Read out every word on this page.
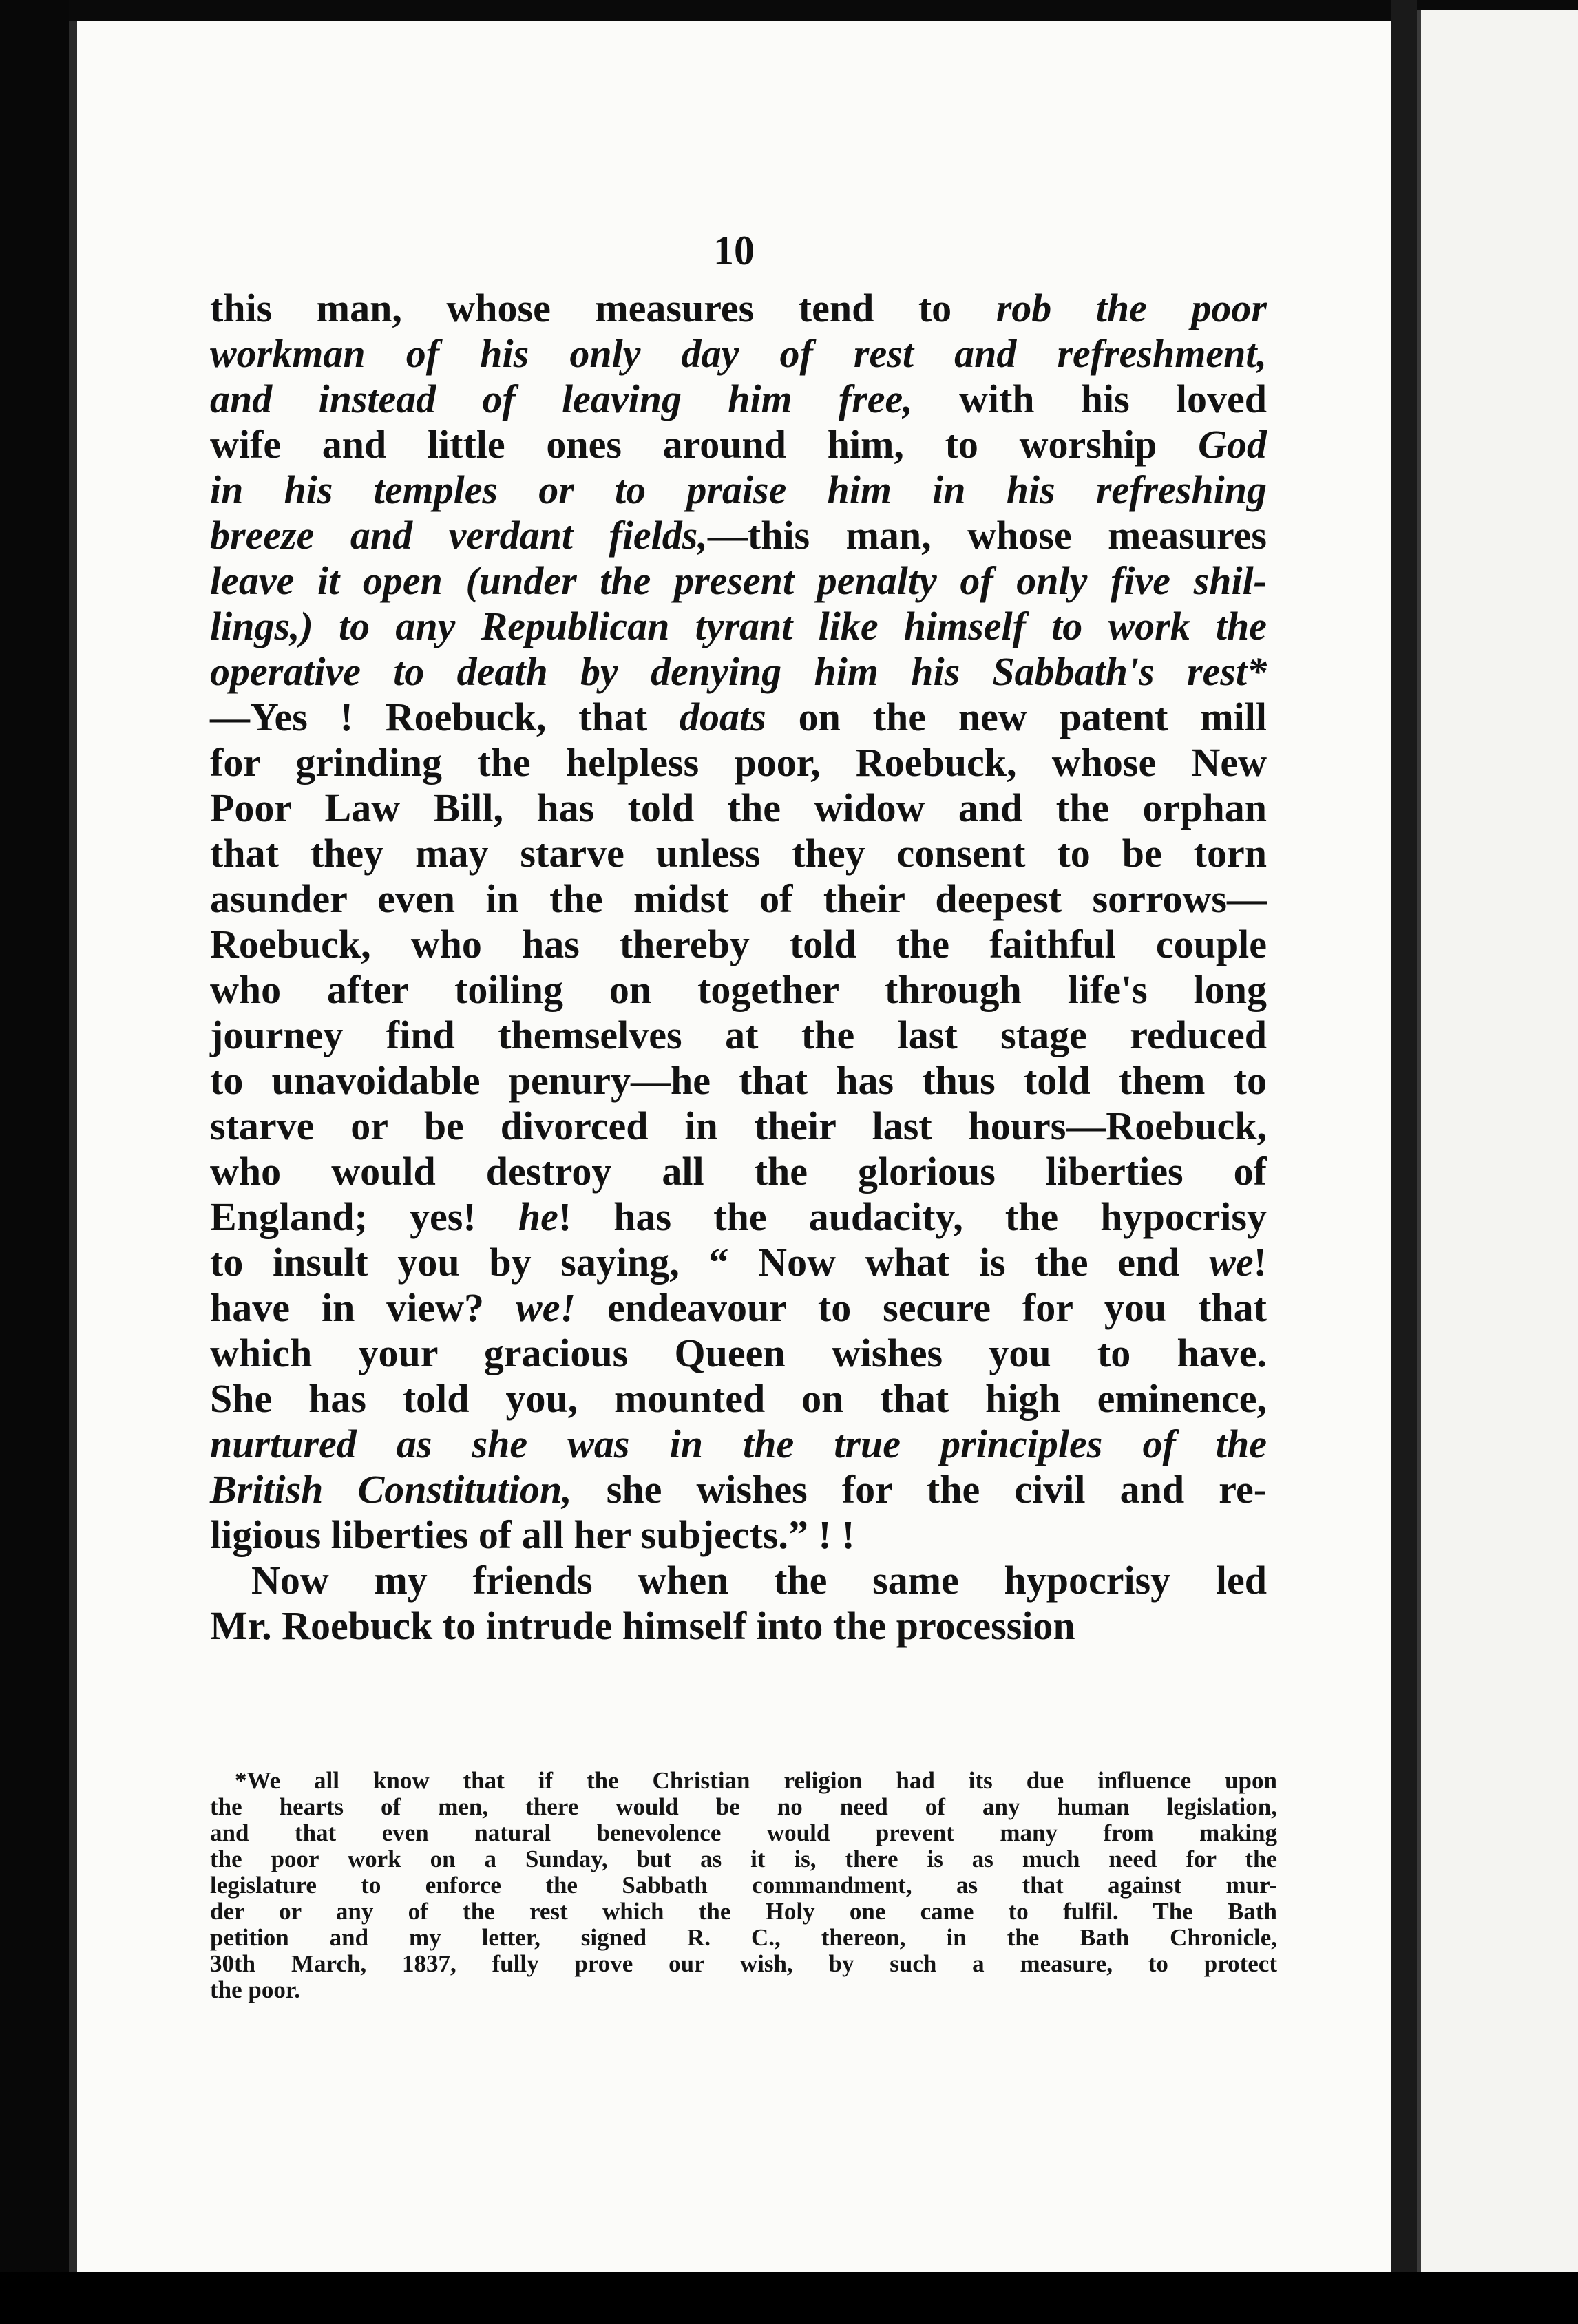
10
this man, whose measures tend to rob the poor
workman of his only day of rest and refreshment,
and instead of leaving him free, with his loved
wife and little ones around him, to worship God
in his temples or to praise him in his refreshing
breeze and verdant fields,—this man, whose measures
leave it open (under the present penalty of only five shil-
lings,) to any Republican tyrant like himself to work the
operative to death by denying him his Sabbath's rest*
—Yes ! Roebuck, that doats on the new patent mill
for grinding the helpless poor, Roebuck, whose New
Poor Law Bill, has told the widow and the orphan
that they may starve unless they consent to be torn
asunder even in the midst of their deepest sorrows—
Roebuck, who has thereby told the faithful couple
who after toiling on together through life's long
journey find themselves at the last stage reduced
to unavoidable penury—he that has thus told them to
starve or be divorced in their last hours—Roebuck,
who would destroy all the glorious liberties of
England; yes! he! has the audacity, the hypocrisy
to insult you by saying, “ Now what is the end we!
have in view? we! endeavour to secure for you that
which your gracious Queen wishes you to have.
She has told you, mounted on that high eminence,
nurtured as she was in the true principles of the
British Constitution, she wishes for the civil and re-
ligious liberties of all her subjects.” ! !
Now my friends when the same hypocrisy led
Mr. Roebuck to intrude himself into the procession
*We all know that if the Christian religion had its due influence upon
the hearts of men, there would be no need of any human legislation,
and that even natural benevolence would prevent many from making
the poor work on a Sunday, but as it is, there is as much need for the
legislature to enforce the Sabbath commandment, as that against mur-
der or any of the rest which the Holy one came to fulfil. The Bath
petition and my letter, signed R. C., thereon, in the Bath Chronicle,
30th March, 1837, fully prove our wish, by such a measure, to protect
the poor.
